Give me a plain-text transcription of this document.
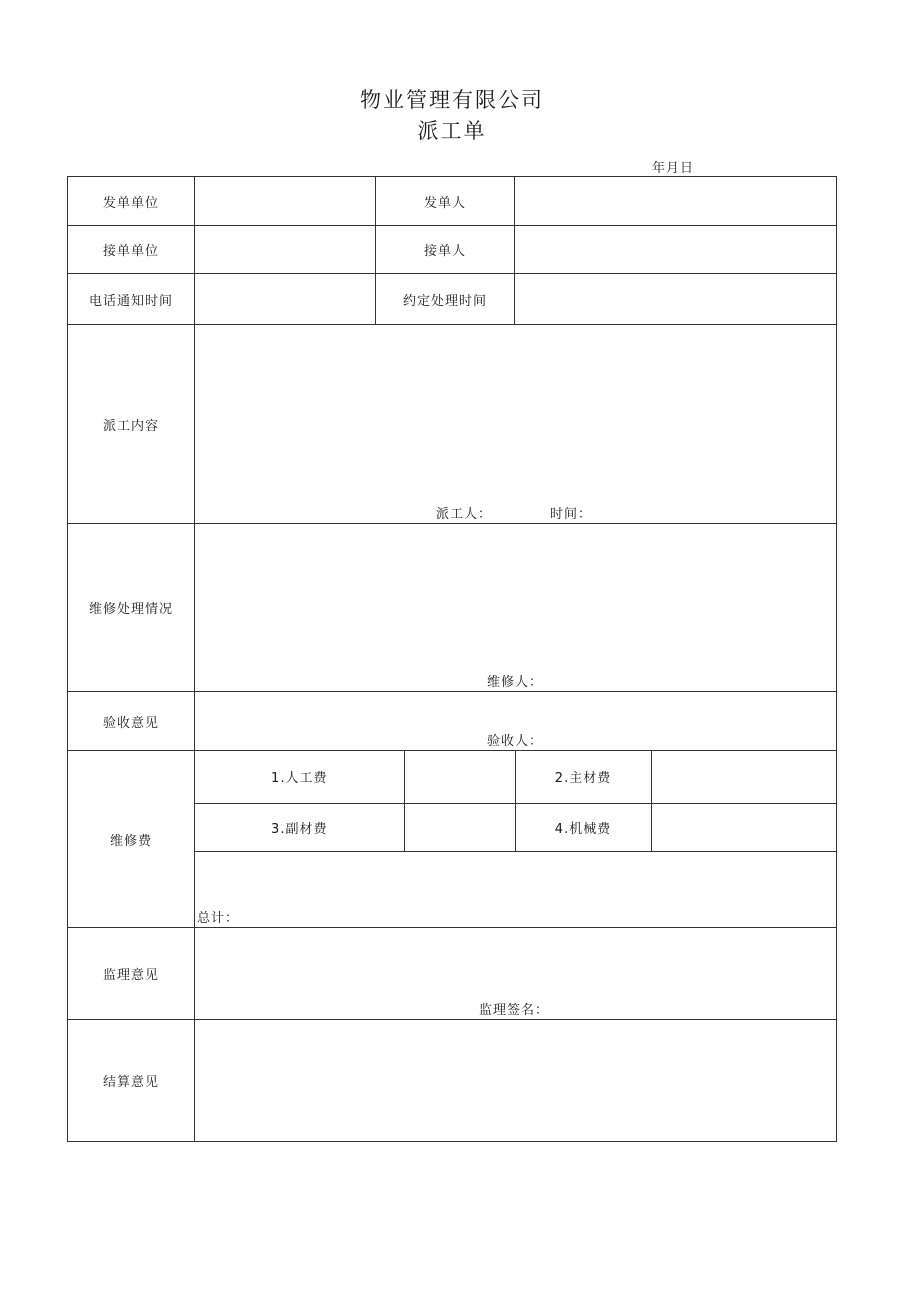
物业管理有限公司
派工单
年月日
发单单位		发单人	
接单单位		接单人	
电话通知时间		约定处理时间	
派工内容	
派工人：	时间：

维修处理情况	
维修人：

验收意见	
验收人：

维修费	
1.人工费		2.主材费	
3.副材费		4.机械费	

总计：

监理意见	
监理签名：

结算意见	
